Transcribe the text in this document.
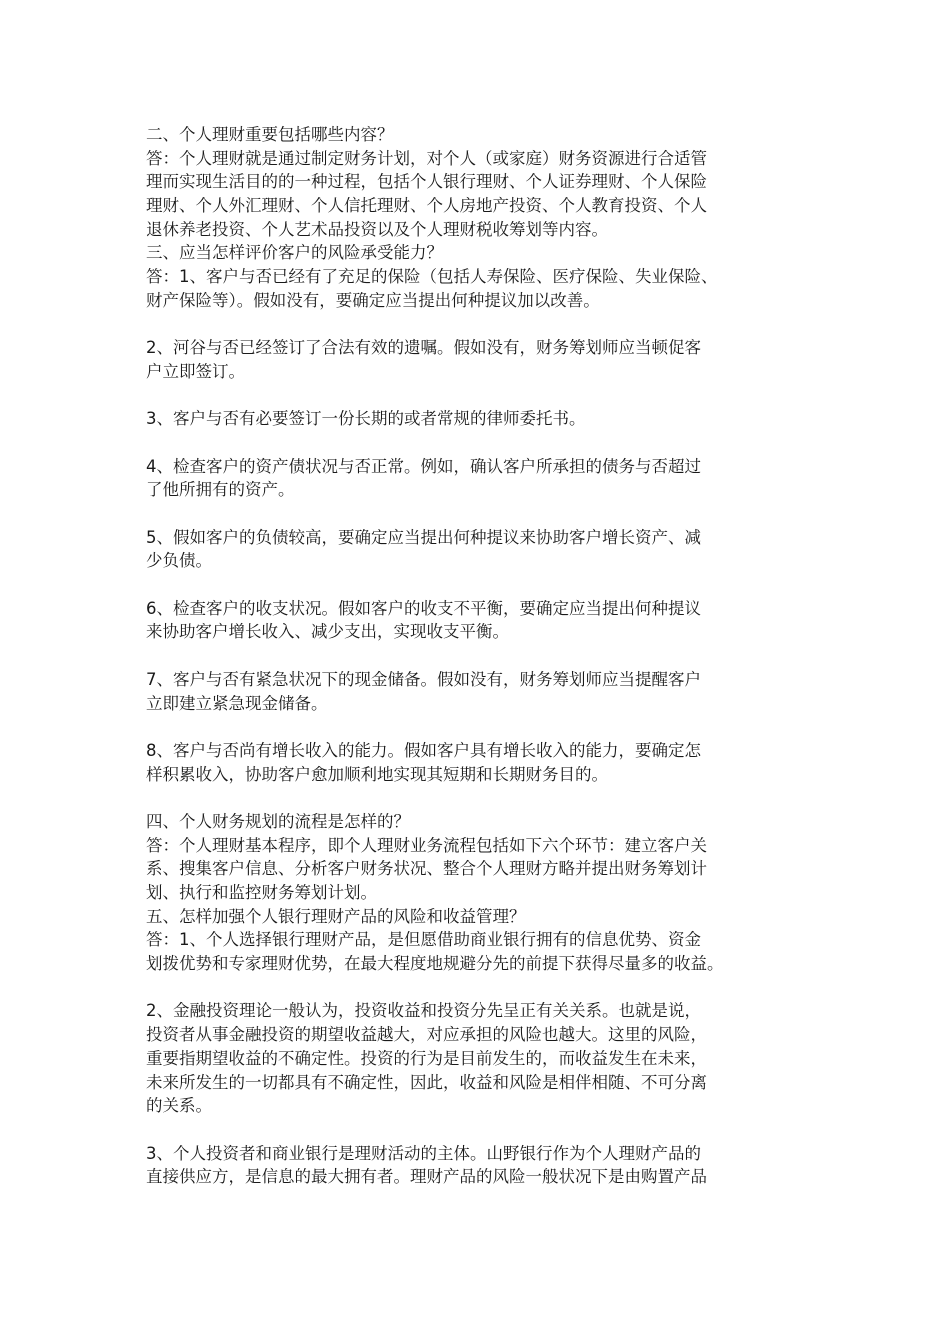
二、个人理财重要包括哪些内容？
答：个人理财就是通过制定财务计划，对个人（或家庭）财务资源进行合适管
理而实现生活目的的一种过程，包括个人银行理财、个人证券理财、个人保险
理财、个人外汇理财、个人信托理财、个人房地产投资、个人教育投资、个人
退休养老投资、个人艺术品投资以及个人理财税收筹划等内容。
三、应当怎样评价客户的风险承受能力？
答：1、客户与否已经有了充足的保险（包括人寿保险、医疗保险、失业保险、
财产保险等）。假如没有，要确定应当提出何种提议加以改善。
2、河谷与否已经签订了合法有效的遗嘱。假如没有，财务筹划师应当顿促客
户立即签订。
3、客户与否有必要签订一份长期的或者常规的律师委托书。
4、检查客户的资产债状况与否正常。例如，确认客户所承担的债务与否超过
了他所拥有的资产。
5、假如客户的负债较高，要确定应当提出何种提议来协助客户增长资产、减
少负债。
6、检查客户的收支状况。假如客户的收支不平衡，要确定应当提出何种提议
来协助客户增长收入、减少支出，实现收支平衡。
7、客户与否有紧急状况下的现金储备。假如没有，财务筹划师应当提醒客户
立即建立紧急现金储备。
8、客户与否尚有增长收入的能力。假如客户具有增长收入的能力，要确定怎
样积累收入，协助客户愈加顺利地实现其短期和长期财务目的。
四、个人财务规划的流程是怎样的？
答：个人理财基本程序，即个人理财业务流程包括如下六个环节：建立客户关
系、搜集客户信息、分析客户财务状况、整合个人理财方略并提出财务筹划计
划、执行和监控财务筹划计划。
五、怎样加强个人银行理财产品的风险和收益管理？
答：1、个人选择银行理财产品，是但愿借助商业银行拥有的信息优势、资金
划拨优势和专家理财优势，在最大程度地规避分先的前提下获得尽量多的收益。
2、金融投资理论一般认为，投资收益和投资分先呈正有关关系。也就是说，
投资者从事金融投资的期望收益越大，对应承担的风险也越大。这里的风险，
重要指期望收益的不确定性。投资的行为是目前发生的，而收益发生在未来，
未来所发生的一切都具有不确定性，因此，收益和风险是相伴相随、不可分离
的关系。
3、个人投资者和商业银行是理财活动的主体。山野银行作为个人理财产品的
直接供应方，是信息的最大拥有者。理财产品的风险一般状况下是由购置产品
